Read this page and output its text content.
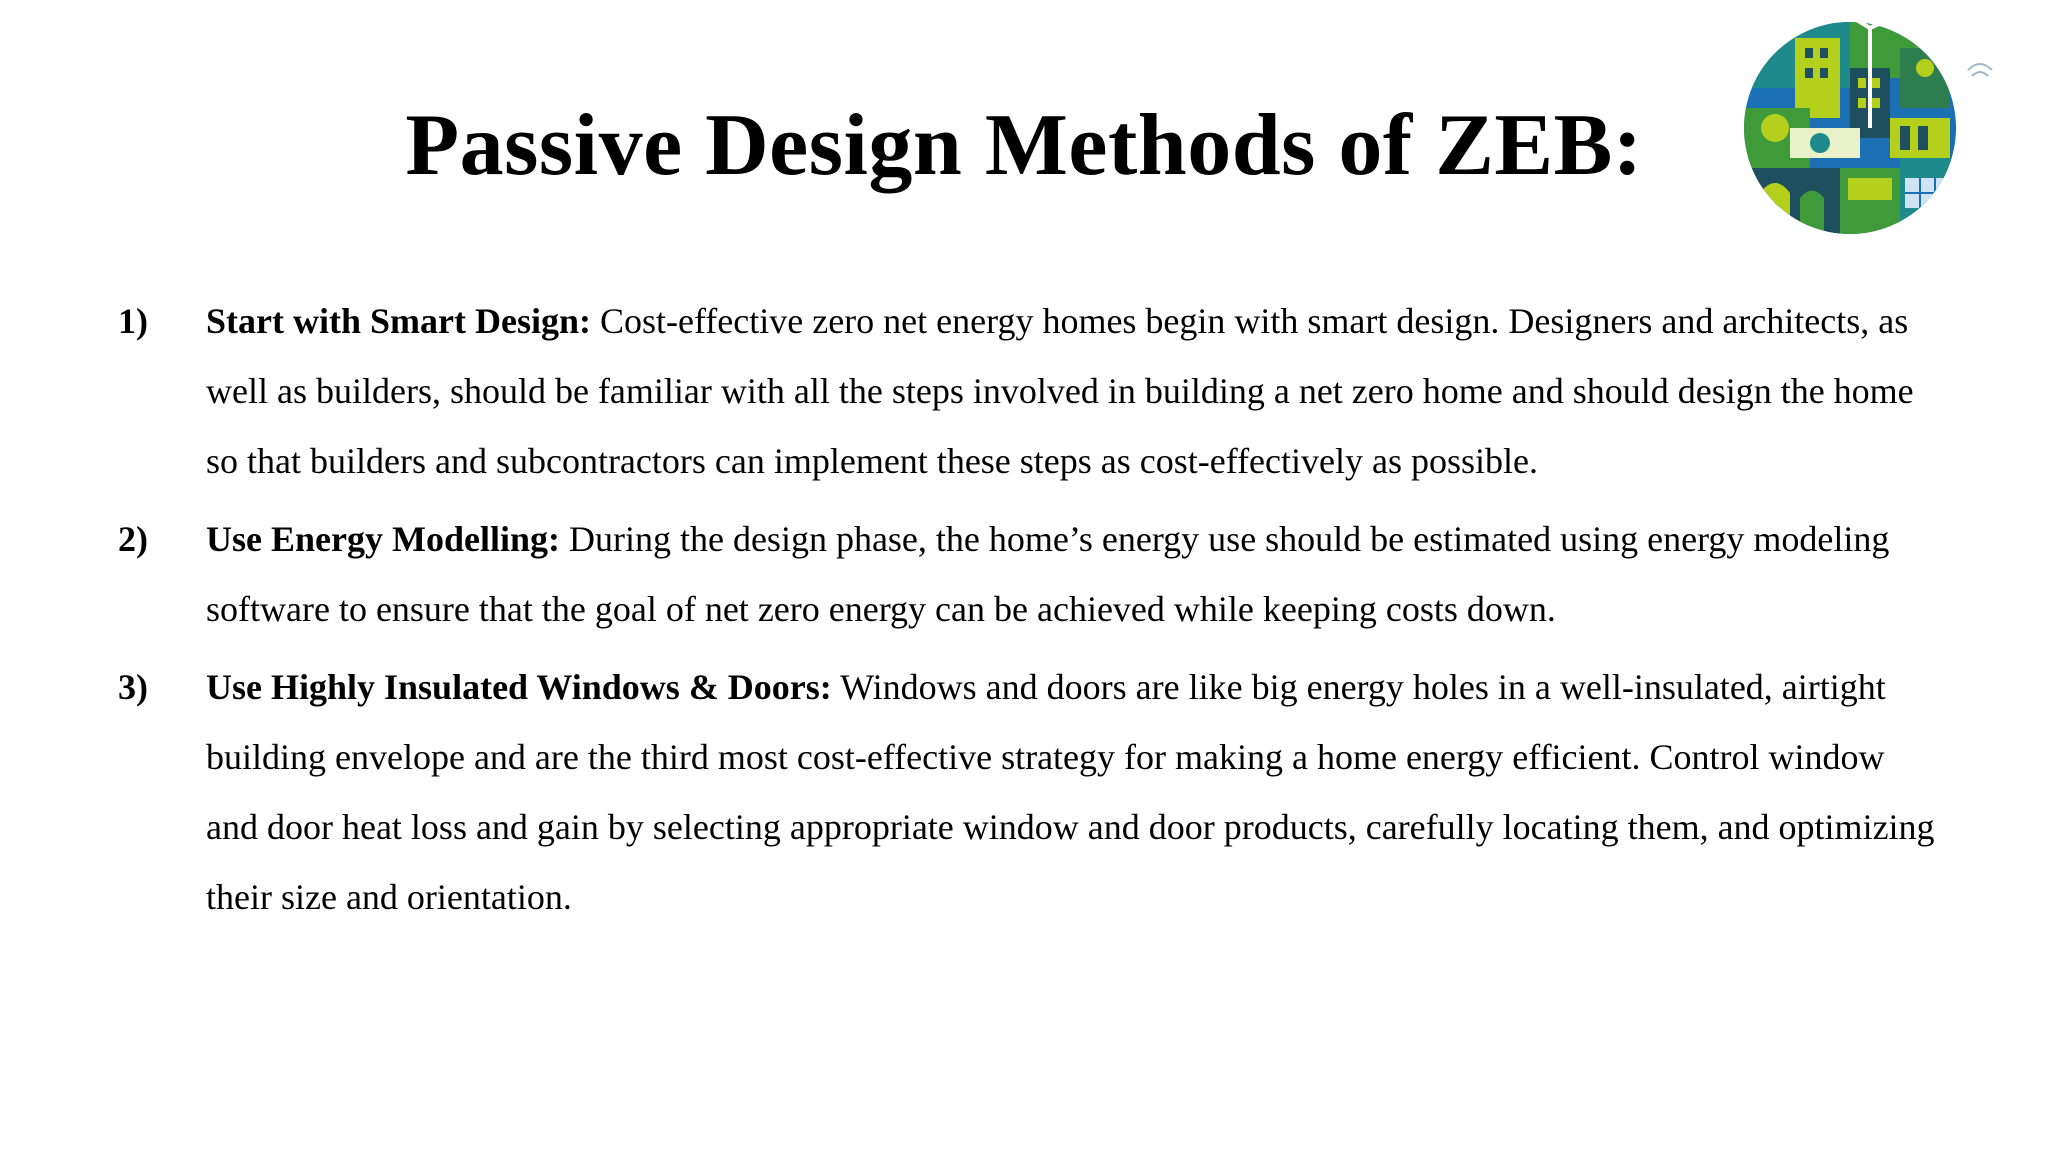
Passive Design Methods of ZEB:
1) Start with Smart Design: Cost-effective zero net energy homes begin with smart design. Designers and architects, as well as builders, should be familiar with all the steps involved in building a net zero home and should design the home so that builders and subcontractors can implement these steps as cost-effectively as possible.
2) Use Energy Modelling: During the design phase, the home’s energy use should be estimated using energy modeling software to ensure that the goal of net zero energy can be achieved while keeping costs down.
3) Use Highly Insulated Windows & Doors: Windows and doors are like big energy holes in a well-insulated, airtight building envelope and are the third most cost-effective strategy for making a home energy efficient. Control window and door heat loss and gain by selecting appropriate window and door products, carefully locating them, and optimizing their size and orientation.
